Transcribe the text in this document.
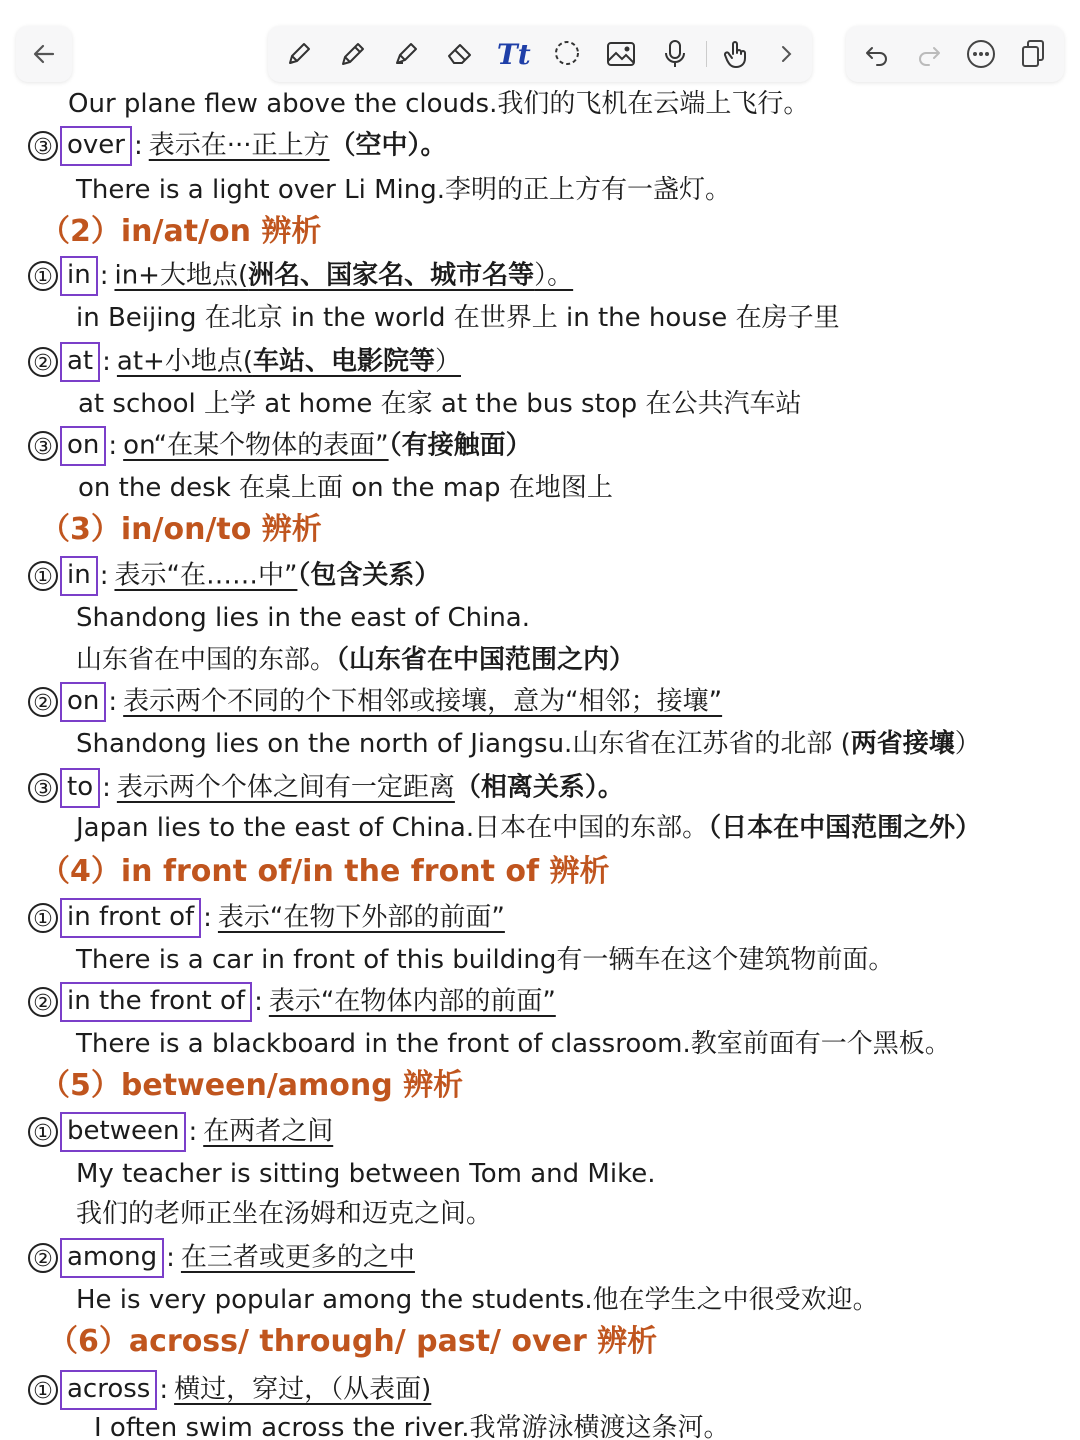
Tt
Our plane flew above the clouds.我们的飞机在云端上飞行。
③ over : 表示在···正上方（空中）。
There is a light over Li Ming.李明的正上方有一盏灯。
（2）in/at/on 辨析
① in : in+大地点(洲名、国家名、城市名等）。
in Beijing 在北京 in the world 在世界上 in the house 在房子里
② at : at+小地点(车站、电影院等）
at school 上学 at home 在家 at the bus stop 在公共汽车站
③ on : on“在某个物体的表面”（有接触面）
on the desk 在桌上面 on the map 在地图上
（3）in/on/to 辨析
① in : 表示“在……中”（包含关系）
Shandong lies in the east of China.
山东省在中国的东部。（山东省在中国范围之内）
② on : 表示两个不同的个下相邻或接壤，意为“相邻；接壤”
Shandong lies on the north of Jiangsu.山东省在江苏省的北部 (两省接壤）
③ to : 表示两个个体之间有一定距离（相离关系）。
Japan lies to the east of China.日本在中国的东部。（日本在中国范围之外）
（4）in front of/in the front of 辨析
① in front of : 表示“在物下外部的前面”
There is a car in front of this building有一辆车在这个建筑物前面。
② in the front of : 表示“在物体内部的前面”
There is a blackboard in the front of classroom.教室前面有一个黑板。
（5）between/among 辨析
① between : 在两者之间
My teacher is sitting between Tom and Mike.
我们的老师正坐在汤姆和迈克之间。
② among : 在三者或更多的之中
He is very popular among the students.他在学生之中很受欢迎。
（6）across/ through/ past/ over 辨析
① across : 横过，穿过，（从表面)
I often swim across the river.我常游泳横渡这条河。
